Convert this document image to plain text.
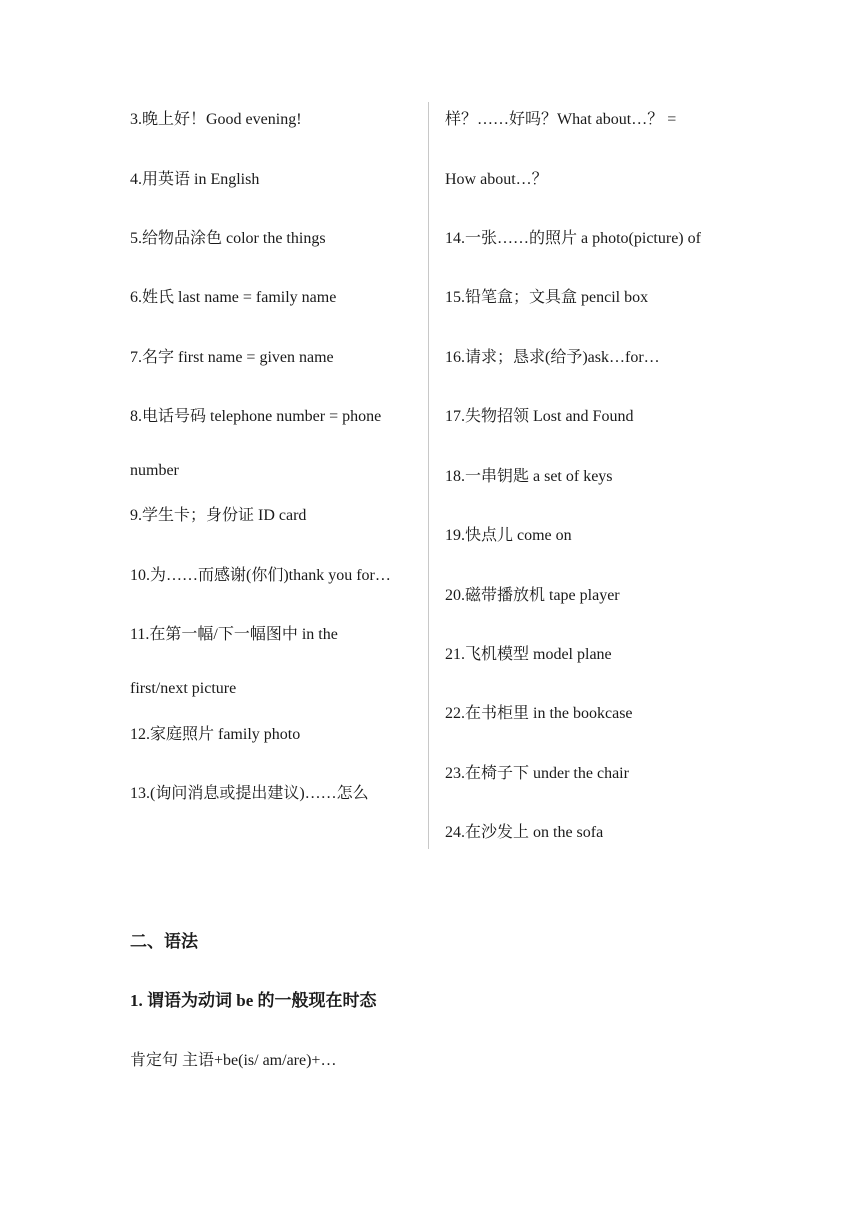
3.晚上好！Good evening!
4.用英语 in English
5.给物品涂色 color the things
6.姓氏 last name = family name
7.名字 first name = given name
8.电话号码 telephone number = phone
number
9.学生卡；身份证 ID card
10.为……而感谢(你们)thank you for…
11.在第一幅/下一幅图中 in the
first/next picture
12.家庭照片 family photo
13.(询问消息或提出建议)……怎么
样？……好吗？What about…？ =
How about…？
14.一张……的照片 a photo(picture) of
15.铅笔盒；文具盒 pencil box
16.请求；恳求(给予)ask…for…
17.失物招领 Lost and Found
18.一串钥匙 a set of keys
19.快点儿 come on
20.磁带播放机 tape player
21.飞机模型 model plane
22.在书柜里 in the bookcase
23.在椅子下 under the chair
24.在沙发上 on the sofa
二、语法
1. 谓语为动词 be 的一般现在时态
肯定句 主语+be(is/ am/are)+…
